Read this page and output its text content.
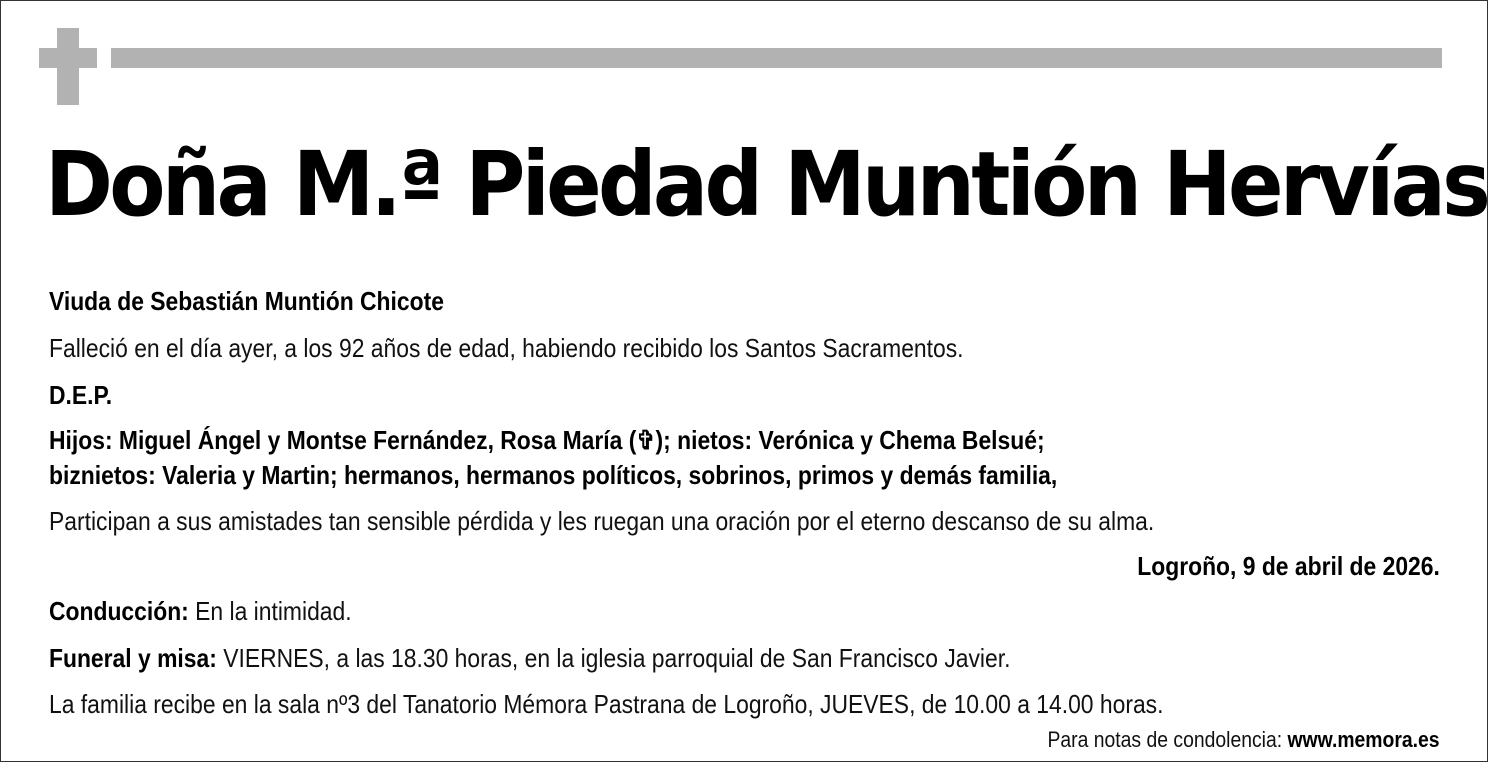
Doña M.ª Piedad Muntión Hervías
Viuda de Sebastián Muntión Chicote
Falleció en el día ayer, a los 92 años de edad, habiendo recibido los Santos Sacramentos.
D.E.P.
Hijos: Miguel Ángel y Montse Fernández, Rosa María (✞); nietos: Verónica y Chema Belsué;
biznietos: Valeria y Martin; hermanos, hermanos políticos, sobrinos, primos y demás familia,
Participan a sus amistades tan sensible pérdida y les ruegan una oración por el eterno descanso de su alma.
Logroño, 9 de abril de 2026.
Conducción: En la intimidad.
Funeral y misa: VIERNES, a las 18.30 horas, en la iglesia parroquial de San Francisco Javier.
La familia recibe en la sala nº3 del Tanatorio Mémora Pastrana de Logroño, JUEVES, de 10.00 a 14.00 horas.
Para notas de condolencia: www.memora.es
